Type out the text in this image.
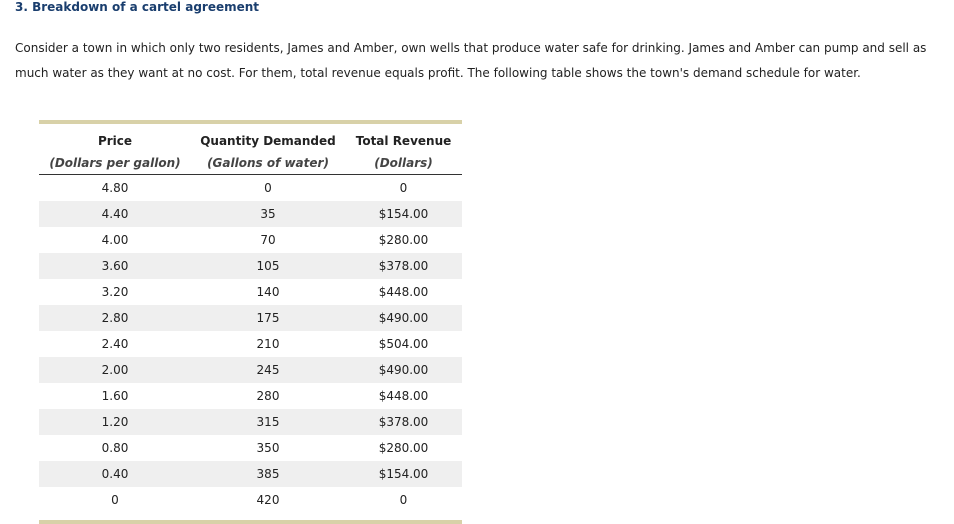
3. Breakdown of a cartel agreement
Consider a town in which only two residents, James and Amber, own wells that produce water safe for drinking. James and Amber can pump and sell as much water as they want at no cost. For them, total revenue equals profit. The following table shows the town's demand schedule for water.
Price	Quantity Demanded	Total Revenue
(Dollars per gallon)	(Gallons of water)	(Dollars)
4.80	0	0
4.40	35	$154.00
4.00	70	$280.00
3.60	105	$378.00
3.20	140	$448.00
2.80	175	$490.00
2.40	210	$504.00
2.00	245	$490.00
1.60	280	$448.00
1.20	315	$378.00
0.80	350	$280.00
0.40	385	$154.00
0	420	0
